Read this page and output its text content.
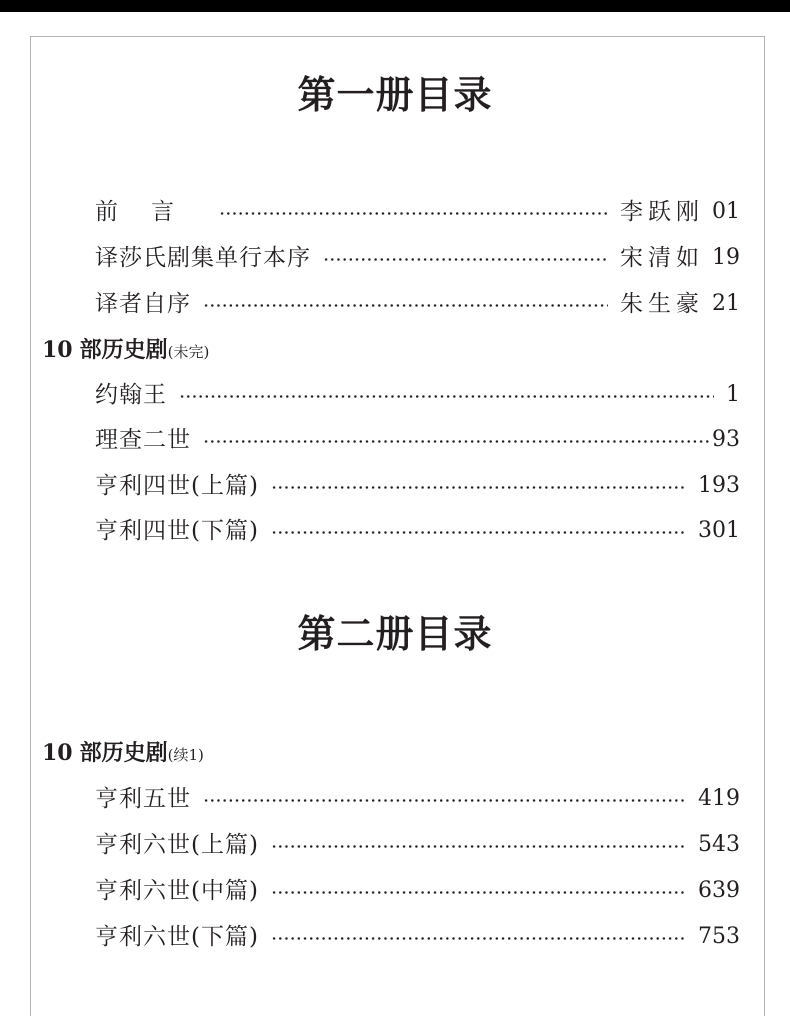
第一册目录
前言	李跃刚 01
译莎氏剧集单行本序	宋清如 19
译者自序	朱生豪 21
10 部历史剧(未完)
约翰王	1
理查二世	93
亨利四世(上篇)	193
亨利四世(下篇)	301
第二册目录
10 部历史剧(续1)
亨利五世	419
亨利六世(上篇)	543
亨利六世(中篇)	639
亨利六世(下篇)	753
